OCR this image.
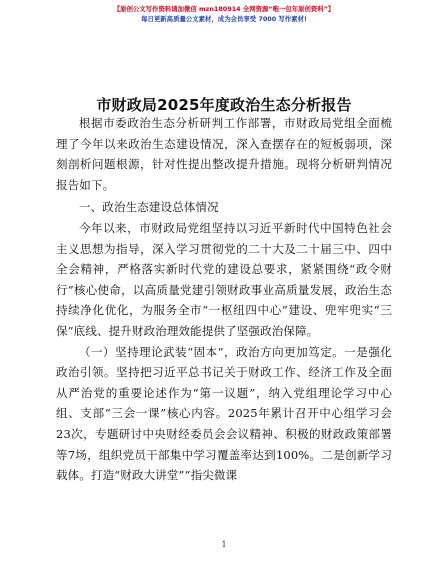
【原创公文写作资料请加微信 mzn180914 全网资源“唯一包年原创资料”】
每日更新高质量公文素材，成为会员享受 7000 写作素材!
市财政局2025年度政治生态分析报告

根据市委政治生态分析研判工作部署，市财政局党组全面梳理了今年以来政治生态建设情况，深入查摆存在的短板弱项，深刻剖析问题根源，针对性提出整改提升措施。现将分析研判情况报告如下。

一、政治生态建设总体情况

今年以来，市财政局党组坚持以习近平新时代中国特色社会主义思想为指导，深入学习贯彻党的二十大及二十届三中、四中全会精神，严格落实新时代党的建设总要求，紧紧围绕“政令财行”核心使命，以高质量党建引领财政事业高质量发展，政治生态持续净化优化，为服务全市“一枢纽四中心”建设、兜牢兜实“三保”底线、提升财政治理效能提供了坚强政治保障。

（一）坚持理论武装“固本”，政治方向更加笃定。一是强化政治引领。坚持把习近平总书记关于财政工作、经济工作及全面从严治党的重要论述作为“第一议题”，纳入党组理论学习中心组、支部“三会一课”核心内容。2025年累计召开中心组学习会23次，专题研讨中央财经委员会会议精神、积极的财政政策部署等7场，组织党员干部集中学习覆盖率达到100%。二是创新学习载体。打造“财政大讲堂”“指尖微课

1
